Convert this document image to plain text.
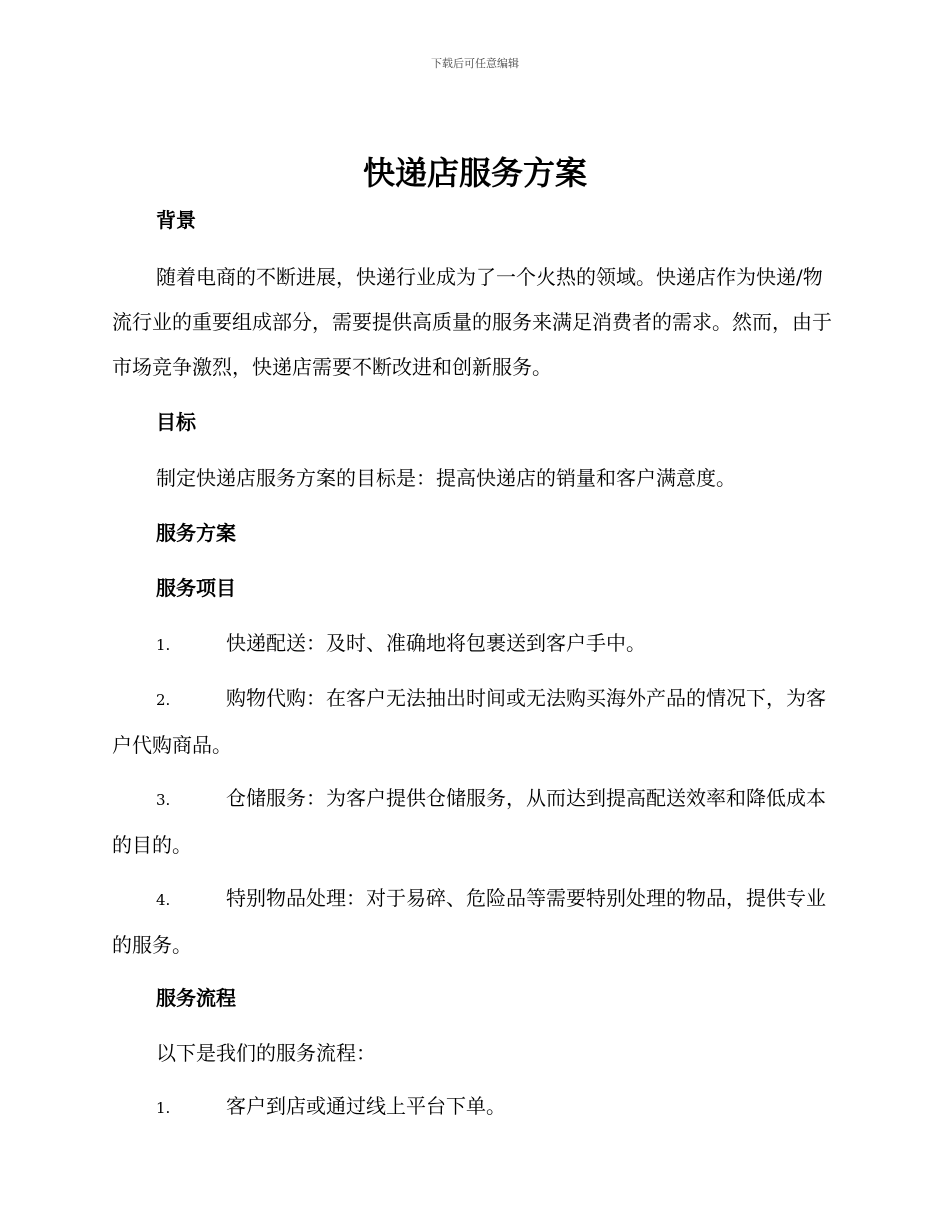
下载后可任意编辑
快递店服务方案

背景

随着电商的不断进展，快递行业成为了一个火热的领域。快递店作为快递/物流行业的重要组成部分，需要提供高质量的服务来满足消费者的需求。然而，由于市场竞争激烈，快递店需要不断改进和创新服务。

目标

制定快递店服务方案的目标是：提高快递店的销量和客户满意度。

服务方案

服务项目

1.	快递配送：及时、准确地将包裹送到客户手中。

2.	购物代购：在客户无法抽出时间或无法购买海外产品的情况下，为客户代购商品。

3.	仓储服务：为客户提供仓储服务，从而达到提高配送效率和降低成本的目的。

4.	特别物品处理：对于易碎、危险品等需要特别处理的物品，提供专业的服务。

服务流程

以下是我们的服务流程：

1.	客户到店或通过线上平台下单。
